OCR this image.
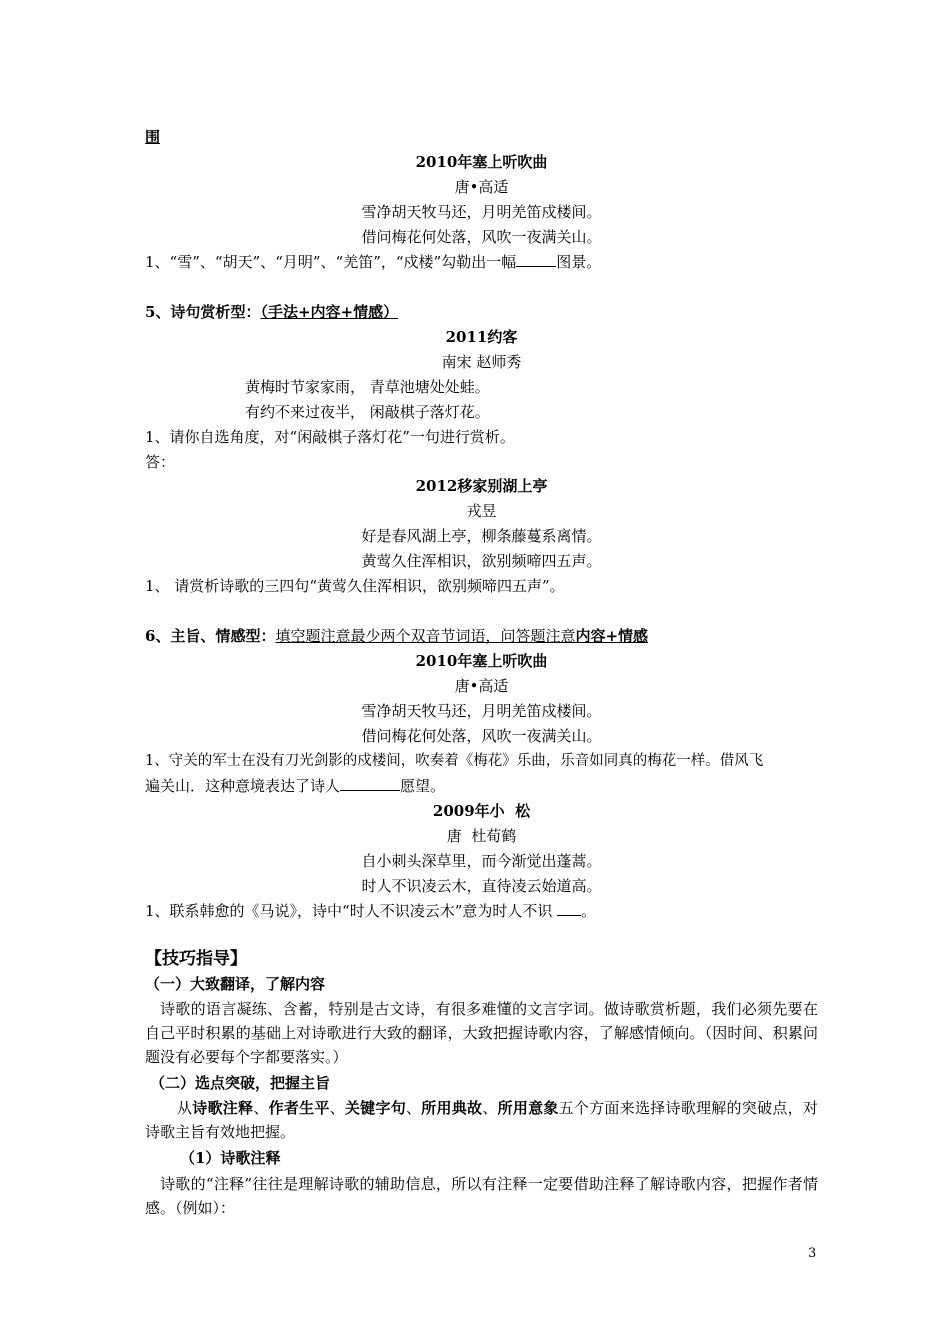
围
2010年塞上听吹曲
唐•高适
雪净胡天牧马还，月明羌笛戍楼间。
借问梅花何处落，风吹一夜满关山。
1、“雪”、“胡天”、“月明”、“羌笛”，“戍楼”勾勒出一幅	图景。
5、诗句赏析型：（手法+内容+情感）
2011约客
南宋 赵师秀
黄梅时节家家雨， 青草池塘处处蛙。
有约不来过夜半， 闲敲棋子落灯花。
1、请你自选角度，对“闲敲棋子落灯花”一句进行赏析。
答：
2012移家别湖上亭
戎昱
好是春风湖上亭，柳条藤蔓系离情。
黄莺久住浑相识，欲别频啼四五声。
1、 请赏析诗歌的三四句“黄莺久住浑相识，欲别频啼四五声”。
6、主旨、情感型：填空题注意最少两个双音节词语，问答题注意内容+情感
2010年塞上听吹曲
唐•高适
雪净胡天牧马还，月明羌笛戍楼间。
借问梅花何处落，风吹一夜满关山。
1、守关的军士在没有刀光剑影的戍楼间，吹奏着《梅花》乐曲，乐音如同真的梅花一样。借风飞
遍关山．这种意境表达了诗人	愿望。
2009年小  松
唐  杜荀鹤
自小刺头深草里，而今渐觉出蓬蒿。
时人不识凌云木，直待凌云始道高。
1、联系韩愈的《马说》，诗中“时人不识凌云木”意为时人不识 。
【技巧指导】
（一）大致翻译，了解内容
诗歌的语言凝练、含蓄，特别是古文诗，有很多难懂的文言字词。做诗歌赏析题，我们必须先要在自己平时积累的基础上对诗歌进行大致的翻译，大致把握诗歌内容，了解感情倾向。（因时间、积累问题没有必要每个字都要落实。）
（二）选点突破，把握主旨
从诗歌注释、作者生平、关键字句、所用典故、所用意象五个方面来选择诗歌理解的突破点，对诗歌主旨有效地把握。
（1）诗歌注释
诗歌的“注释”往往是理解诗歌的辅助信息，所以有注释一定要借助注释了解诗歌内容，把握作者情感。（例如）：
3
